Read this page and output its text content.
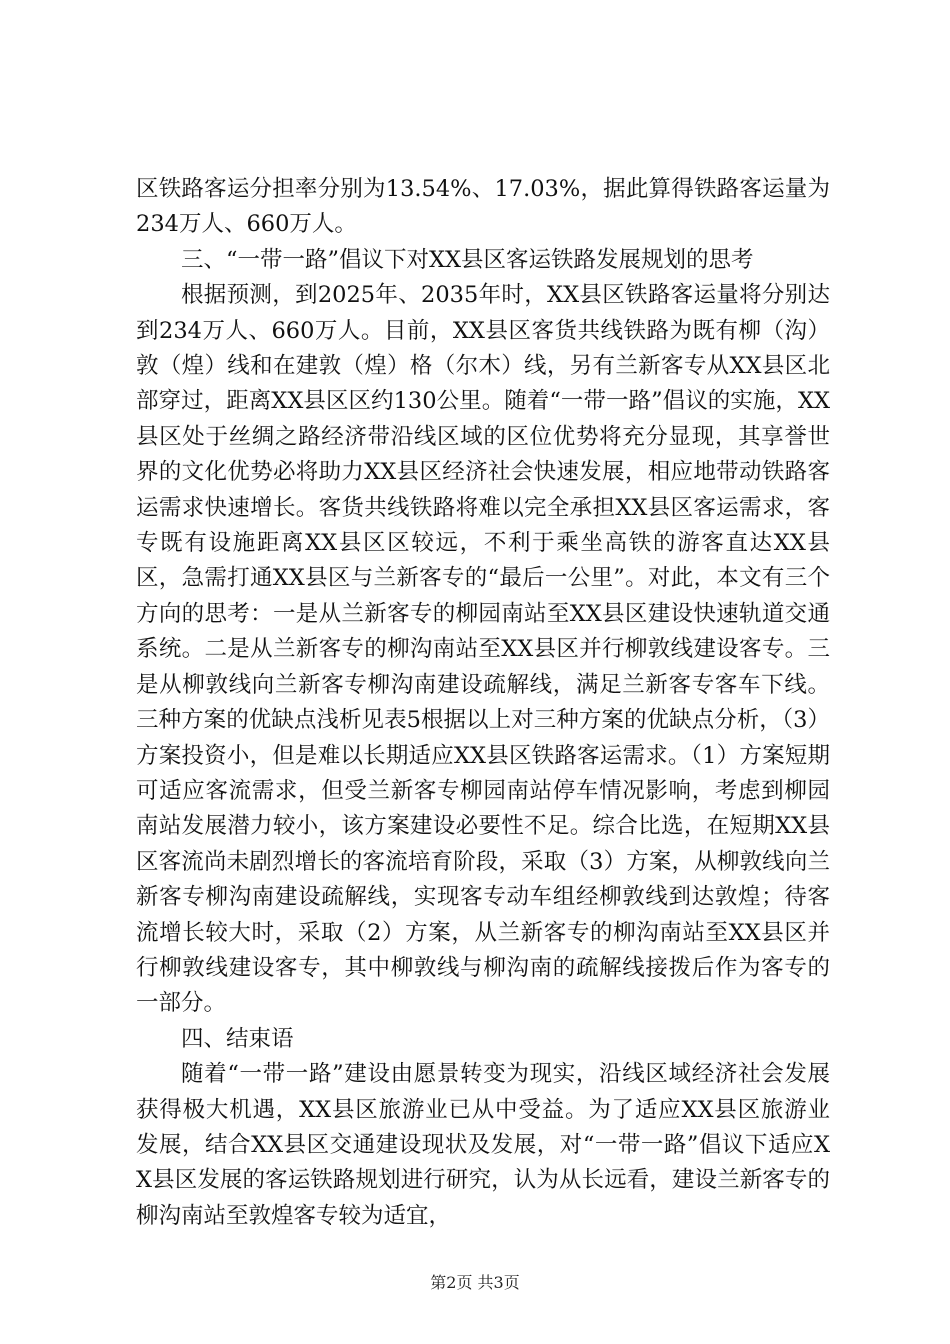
区铁路客运分担率分别为13.54%、17.03%，据此算得铁路客运量为234万人、660万人。

三、“一带一路”倡议下对XX县区客运铁路发展规划的思考

根据预测，到2025年、2035年时，XX县区铁路客运量将分别达到234万人、660万人。目前，XX县区客货共线铁路为既有柳（沟）敦（煌）线和在建敦（煌）格（尔木）线，另有兰新客专从XX县区北部穿过，距离XX县区区约130公里。随着“一带一路”倡议的实施，XX县区处于丝绸之路经济带沿线区域的区位优势将充分显现，其享誉世界的文化优势必将助力XX县区经济社会快速发展，相应地带动铁路客运需求快速增长。客货共线铁路将难以完全承担XX县区客运需求，客专既有设施距离XX县区区较远，不利于乘坐高铁的游客直达XX县区，急需打通XX县区与兰新客专的“最后一公里”。对此，本文有三个方向的思考：一是从兰新客专的柳园南站至XX县区建设快速轨道交通系统。二是从兰新客专的柳沟南站至XX县区并行柳敦线建设客专。三是从柳敦线向兰新客专柳沟南建设疏解线，满足兰新客专客车下线。三种方案的优缺点浅析见表5根据以上对三种方案的优缺点分析，（3）方案投资小，但是难以长期适应XX县区铁路客运需求。（1）方案短期可适应客流需求，但受兰新客专柳园南站停车情况影响，考虑到柳园南站发展潜力较小，该方案建设必要性不足。综合比选，在短期XX县区客流尚未剧烈增长的客流培育阶段，采取（3）方案，从柳敦线向兰新客专柳沟南建设疏解线，实现客专动车组经柳敦线到达敦煌；待客流增长较大时，采取（2）方案，从兰新客专的柳沟南站至XX县区并行柳敦线建设客专，其中柳敦线与柳沟南的疏解线接拨后作为客专的一部分。

四、结束语

随着“一带一路”建设由愿景转变为现实，沿线区域经济社会发展获得极大机遇，XX县区旅游业已从中受益。为了适应XX县区旅游业发展，结合XX县区交通建设现状及发展，对“一带一路”倡议下适应XX县区发展的客运铁路规划进行研究，认为从长远看，建设兰新客专的柳沟南站至敦煌客专较为适宜，

第2页 共3页
